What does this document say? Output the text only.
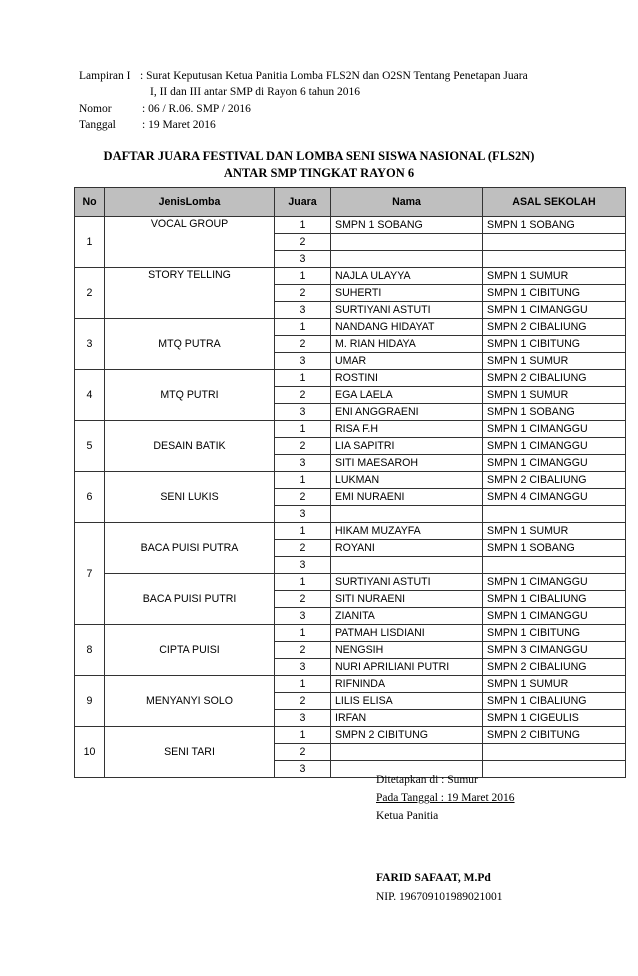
Lampiran I : Surat Keputusan Ketua Panitia Lomba FLS2N dan O2SN Tentang Penetapan Juara
I, II dan III antar SMP di Rayon 6 tahun 2016
Nomor	: 06 / R.06. SMP / 2016
Tanggal : 19 Maret 2016
DAFTAR JUARA FESTIVAL DAN LOMBA SENI SISWA NASIONAL (FLS2N)
ANTAR SMP TINGKAT RAYON 6
No	JenisLomba	Juara	Nama	ASAL SEKOLAH
1	VOCAL GROUP	1	SMPN 1 SOBANG	SMPN 1 SOBANG
		2		
		3		
2	STORY TELLING	1	NAJLA ULAYYA	SMPN 1 SUMUR
		2	SUHERTI	SMPN 1 CIBITUNG
		3	SURTIYANI ASTUTI	SMPN 1 CIMANGGU
3	MTQ PUTRA	1	NANDANG HIDAYAT	SMPN 2 CIBALIUNG
		2	M. RIAN HIDAYA	SMPN 1 CIBITUNG
		3	UMAR	SMPN 1 SUMUR
4	MTQ PUTRI	1	ROSTINI	SMPN 2 CIBALIUNG
		2	EGA LAELA	SMPN 1 SUMUR
		3	ENI ANGGRAENI	SMPN 1 SOBANG
5	DESAIN BATIK	1	RISA F.H	SMPN 1 CIMANGGU
		2	LIA SAPITRI	SMPN 1 CIMANGGU
		3	SITI MAESAROH	SMPN 1 CIMANGGU
6	SENI LUKIS	1	LUKMAN	SMPN 2 CIBALIUNG
		2	EMI NURAENI	SMPN 4 CIMANGGU
		3		
7	BACA PUISI PUTRA	1	HIKAM MUZAYFA	SMPN 1 SUMUR
		2	ROYANI	SMPN 1 SOBANG
		3		
	BACA PUISI PUTRI	1	SURTIYANI ASTUTI	SMPN 1 CIMANGGU
		2	SITI NURAENI	SMPN 1 CIBALIUNG
		3	ZIANITA	SMPN 1 CIMANGGU
8	CIPTA PUISI	1	PATMAH LISDIANI	SMPN 1 CIBITUNG
		2	NENGSIH	SMPN 3 CIMANGGU
		3	NURI APRILIANI PUTRI	SMPN 2 CIBALIUNG
9	MENYANYI SOLO	1	RIFNINDA	SMPN 1 SUMUR
		2	LILIS ELISA	SMPN 1 CIBALIUNG
		3	IRFAN	SMPN 1 CIGEULIS
10	SENI TARI	1	SMPN 2 CIBITUNG	SMPN 2 CIBITUNG
		2		
		3		
Ditetapkan di : Sumur
Pada Tanggal : 19 Maret 2016
Ketua Panitia
FARID SAFAAT, M.Pd
NIP. 196709101989021001
